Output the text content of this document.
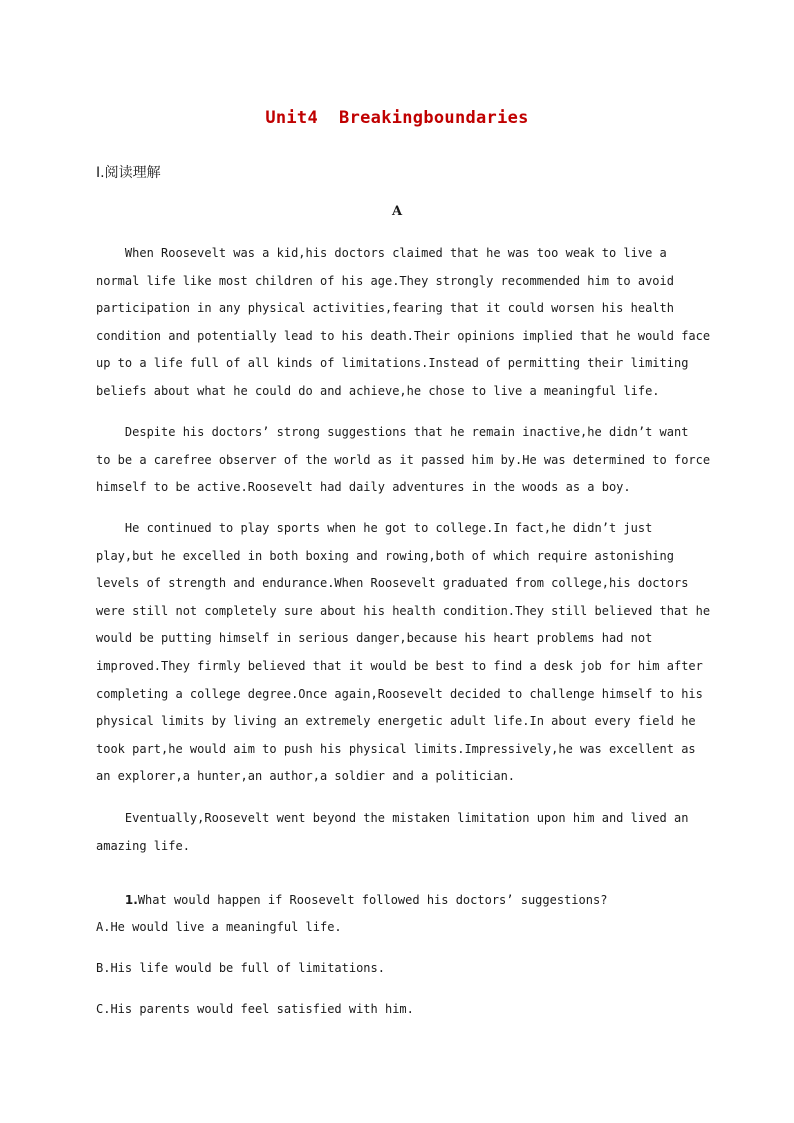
Unit4  Breakingboundaries
Ⅰ.阅读理解
A
When Roosevelt was a kid,his doctors claimed that he was too weak to live a
normal life like most children of his age.They strongly recommended him to avoid
participation in any physical activities,fearing that it could worsen his health
condition and potentially lead to his death.Their opinions implied that he would face
up to a life full of all kinds of limitations.Instead of permitting their limiting
beliefs about what he could do and achieve,he chose to live a meaningful life.
Despite his doctors’ strong suggestions that he remain inactive,he didn’t want
to be a carefree observer of the world as it passed him by.He was determined to force
himself to be active.Roosevelt had daily adventures in the woods as a boy.
He continued to play sports when he got to college.In fact,he didn’t just
play,but he excelled in both boxing and rowing,both of which require astonishing
levels of strength and endurance.When Roosevelt graduated from college,his doctors
were still not completely sure about his health condition.They still believed that he
would be putting himself in serious danger,because his heart problems had not
improved.They firmly believed that it would be best to find a desk job for him after
completing a college degree.Once again,Roosevelt decided to challenge himself to his
physical limits by living an extremely energetic adult life.In about every field he
took part,he would aim to push his physical limits.Impressively,he was excellent as
an explorer,a hunter,an author,a soldier and a politician.
Eventually,Roosevelt went beyond the mistaken limitation upon him and lived an
amazing life.

1.What would happen if Roosevelt followed his doctors’ suggestions?

A.He would live a meaningful life.
B.His life would be full of limitations.
C.His parents would feel satisfied with him.
